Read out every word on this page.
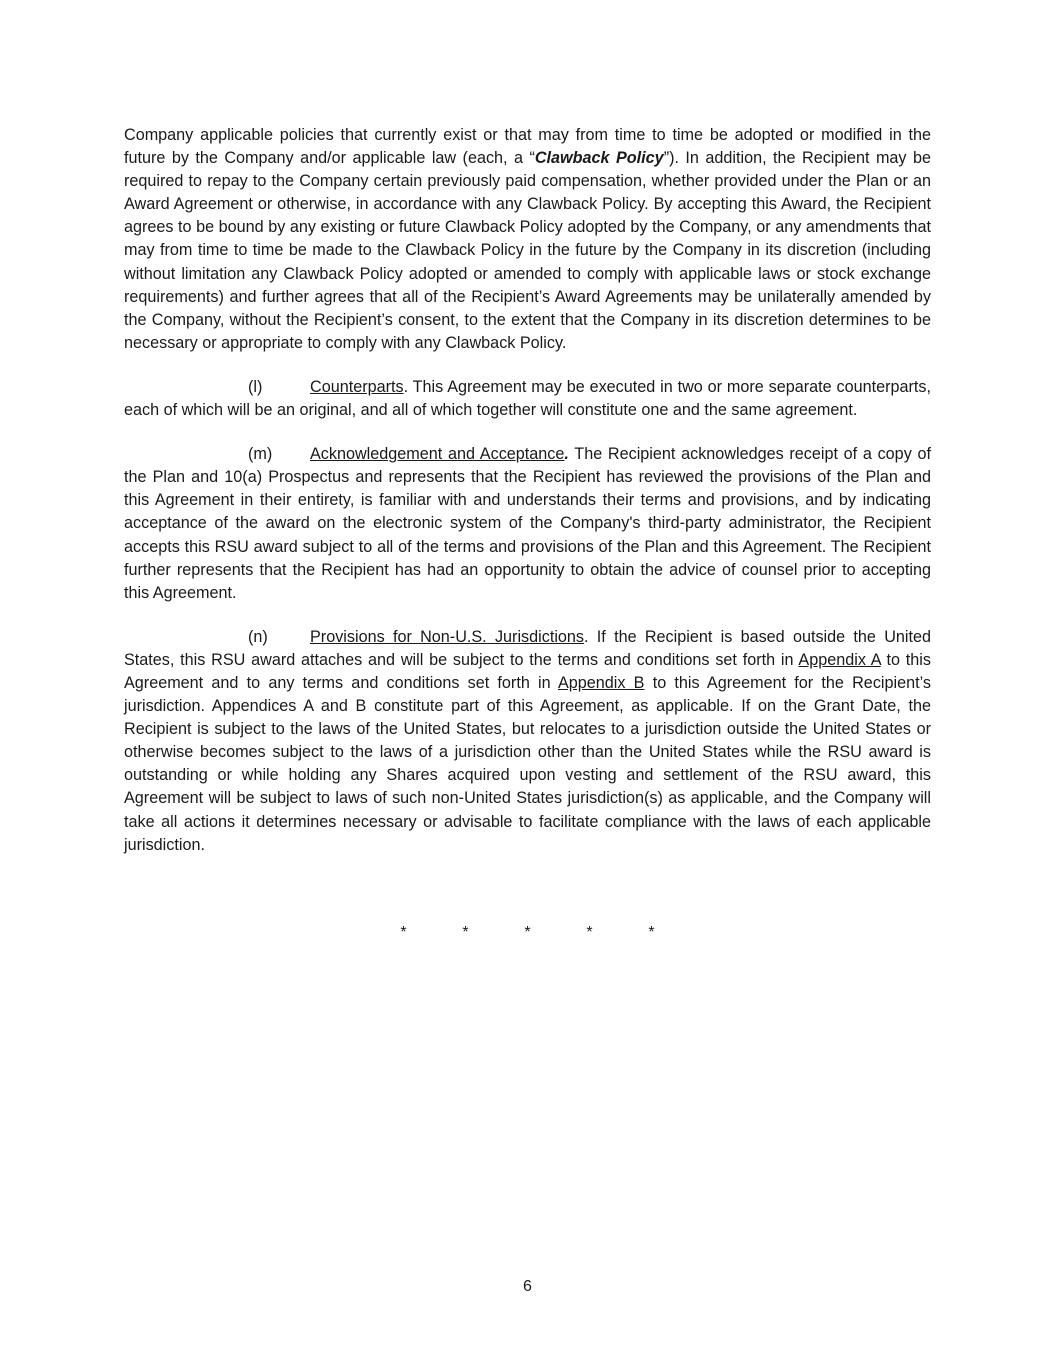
Company applicable policies that currently exist or that may from time to time be adopted or modified in the future by the Company and/or applicable law (each, a “Clawback Policy”). In addition, the Recipient may be required to repay to the Company certain previously paid compensation, whether provided under the Plan or an Award Agreement or otherwise, in accordance with any Clawback Policy. By accepting this Award, the Recipient agrees to be bound by any existing or future Clawback Policy adopted by the Company, or any amendments that may from time to time be made to the Clawback Policy in the future by the Company in its discretion (including without limitation any Clawback Policy adopted or amended to comply with applicable laws or stock exchange requirements) and further agrees that all of the Recipient’s Award Agreements may be unilaterally amended by the Company, without the Recipient’s consent, to the extent that the Company in its discretion determines to be necessary or appropriate to comply with any Clawback Policy.

(l)	Counterparts. This Agreement may be executed in two or more separate counterparts, each of which will be an original, and all of which together will constitute one and the same agreement.

(m) Acknowledgement and Acceptance. The Recipient acknowledges receipt of a copy of the Plan and 10(a) Prospectus and represents that the Recipient has reviewed the provisions of the Plan and this Agreement in their entirety, is familiar with and understands their terms and provisions, and by indicating acceptance of the award on the electronic system of the Company's third-party administrator, the Recipient accepts this RSU award subject to all of the terms and provisions of the Plan and this Agreement. The Recipient further represents that the Recipient has had an opportunity to obtain the advice of counsel prior to accepting this Agreement.

(n)	Provisions for Non-U.S. Jurisdictions. If the Recipient is based outside the United States, this RSU award attaches and will be subject to the terms and conditions set forth in Appendix A to this Agreement and to any terms and conditions set forth in Appendix B to this Agreement for the Recipient’s jurisdiction. Appendices A and B constitute part of this Agreement, as applicable. If on the Grant Date, the Recipient is subject to the laws of the United States, but relocates to a jurisdiction outside the United States or otherwise becomes subject to the laws of a jurisdiction other than the United States while the RSU award is outstanding or while holding any Shares acquired upon vesting and settlement of the RSU award, this Agreement will be subject to laws of such non-United States jurisdiction(s) as applicable, and the Company will take all actions it determines necessary or advisable to facilitate compliance with the laws of each applicable jurisdiction.

*	*	*	*	*
6
